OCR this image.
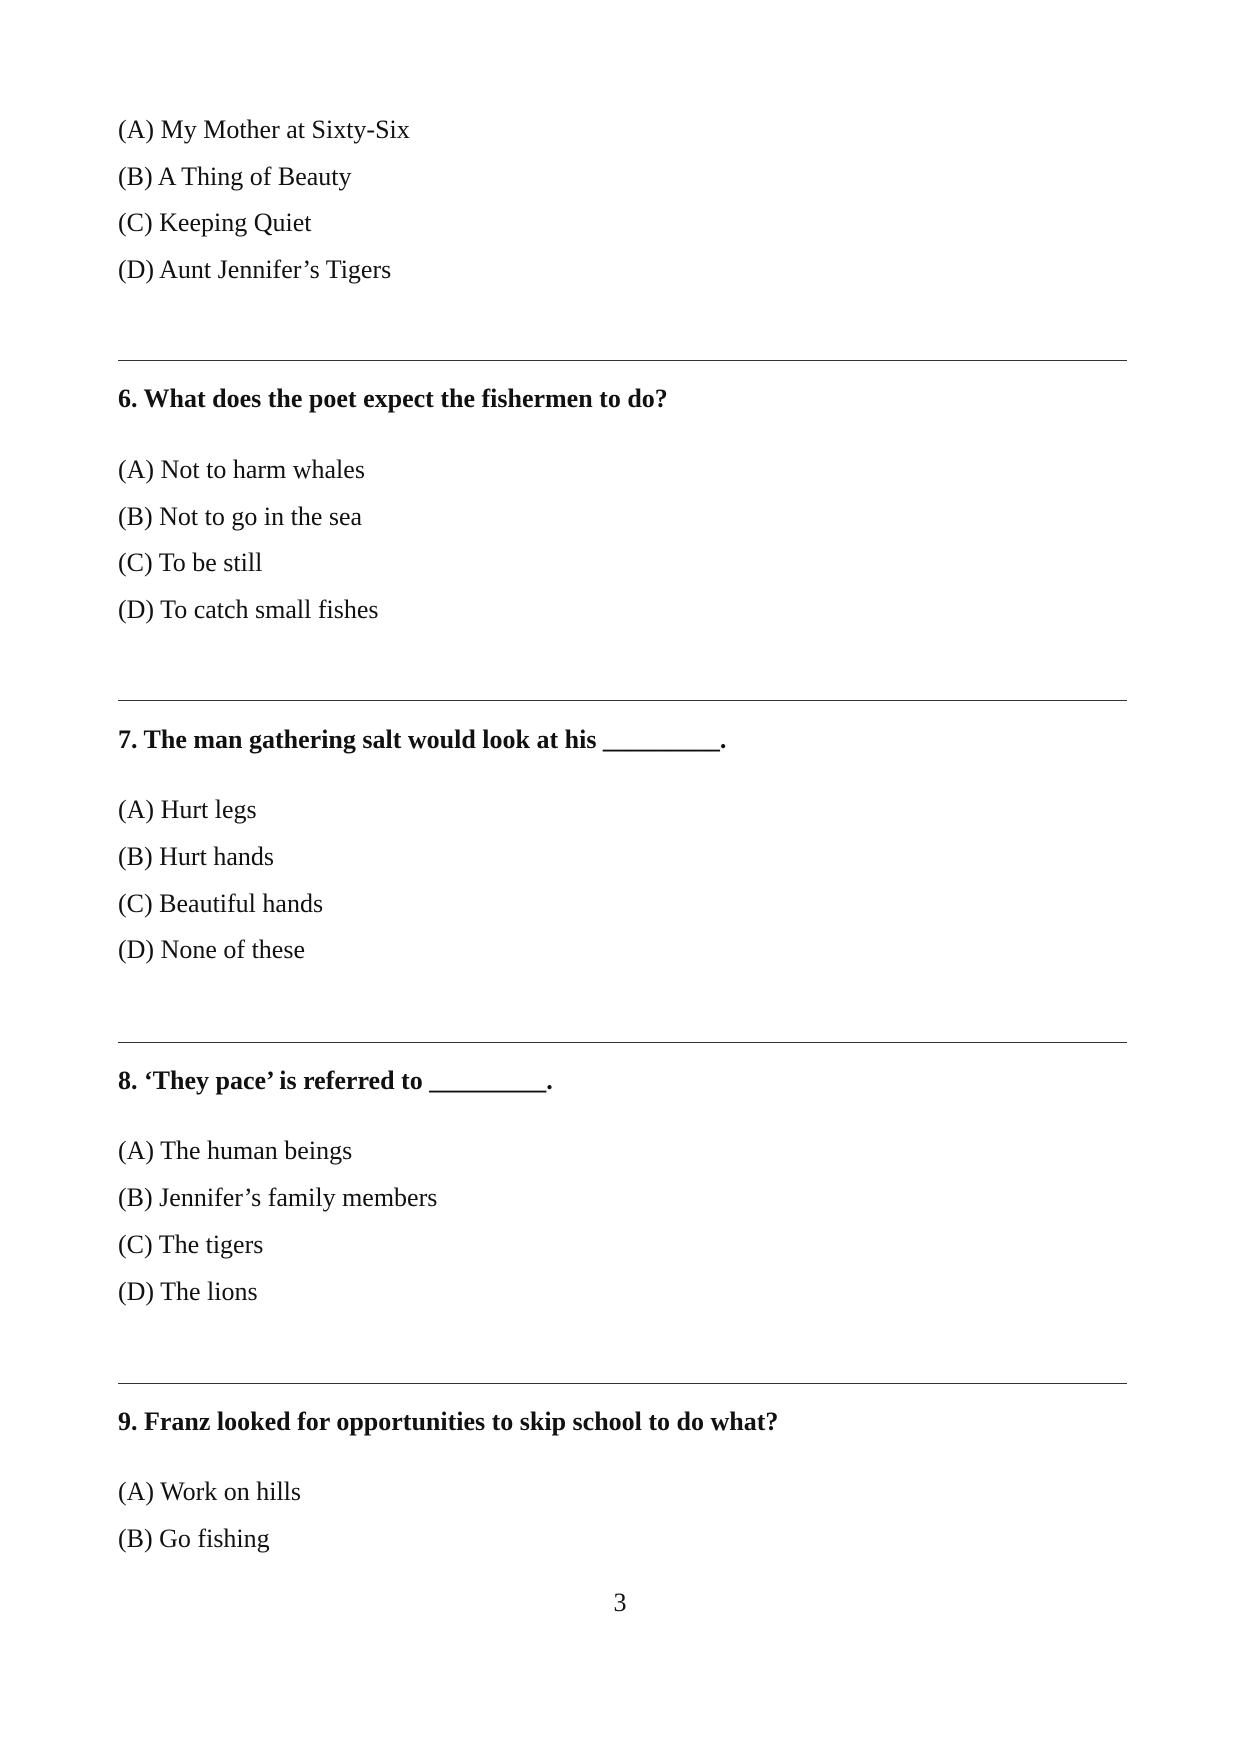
(A) My Mother at Sixty-Six
(B) A Thing of Beauty
(C) Keeping Quiet
(D) Aunt Jennifer’s Tigers
6. What does the poet expect the fishermen to do?
(A) Not to harm whales
(B) Not to go in the sea
(C) To be still
(D) To catch small fishes
7. The man gathering salt would look at his _________.
(A) Hurt legs
(B) Hurt hands
(C) Beautiful hands
(D) None of these
8. ‘They pace’ is referred to _________.
(A) The human beings
(B) Jennifer’s family members
(C) The tigers
(D) The lions
9. Franz looked for opportunities to skip school to do what?
(A) Work on hills
(B) Go fishing
3
